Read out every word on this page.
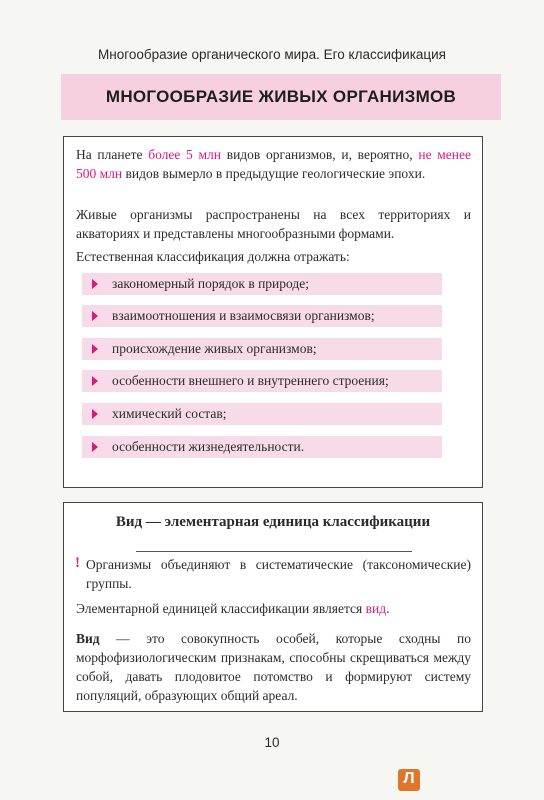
Многообразие органического мира. Его классификация
МНОГООБРАЗИЕ ЖИВЫХ ОРГАНИЗМОВ
На планете более 5 млн видов организмов, и, вероятно, не менее 500 млн видов вымерло в предыдущие геологические эпохи.
Живые организмы распространены на всех территориях и акваториях и представлены многообразными формами.
Естественная классификация должна отражать:
закономерный порядок в природе;
взаимоотношения и взаимосвязи организмов;
происхождение живых организмов;
особенности внешнего и внутреннего строения;
химический состав;
особенности жизнедеятельности.
Вид — элементарная единица классификации
! Организмы объединяют в систематические (таксономические) группы.
Элементарной единицей классификации является вид.
Вид — это совокупность особей, которые сходны по морфофизиологическим признакам, способны скрещиваться между собой, давать плодовитое потомство и формируют систему популяций, образующих общий ареал.
10
Л
